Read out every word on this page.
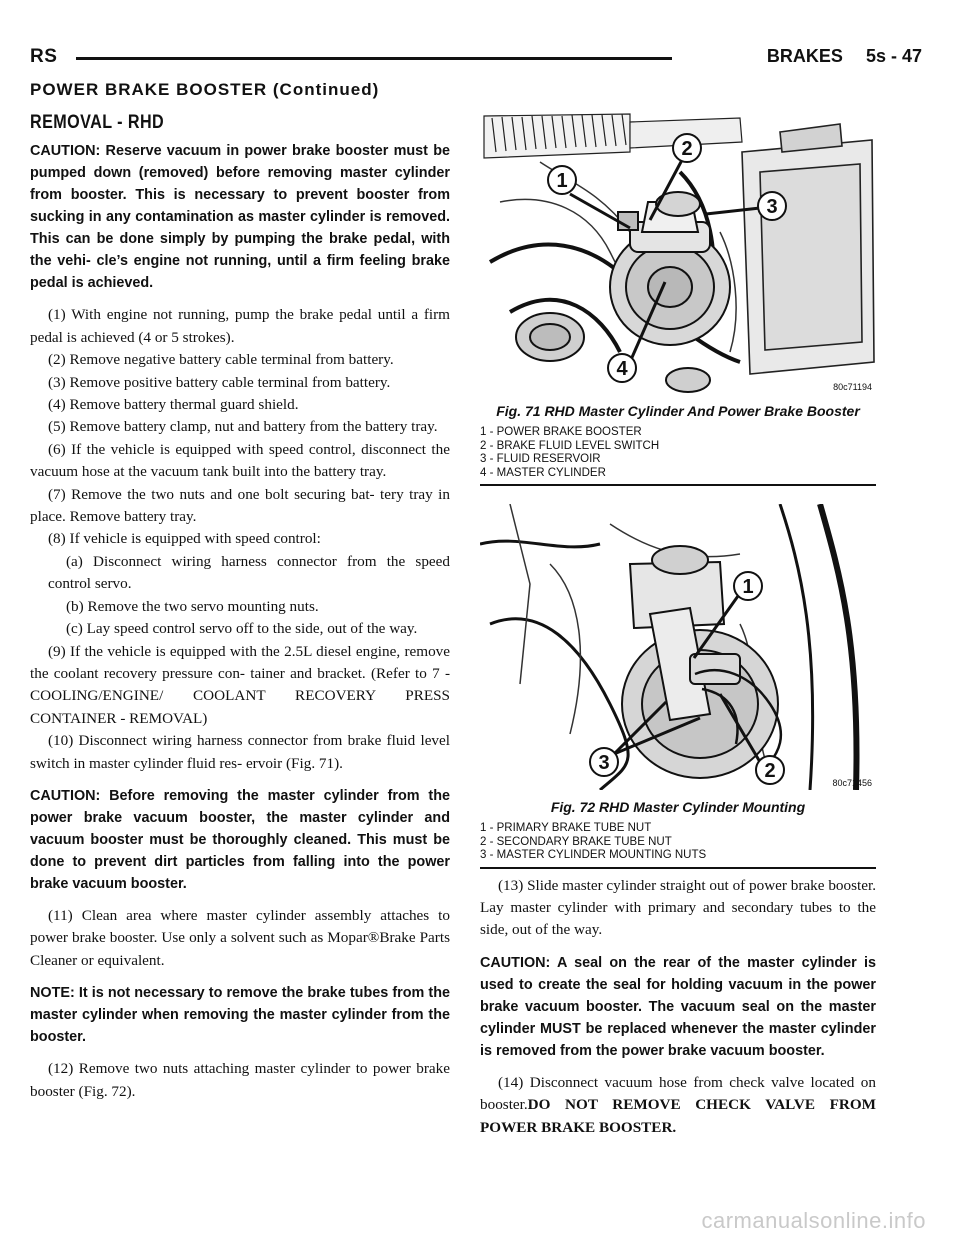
RS	BRAKES 5s - 47
POWER BRAKE BOOSTER (Continued)
REMOVAL - RHD

CAUTION: Reserve vacuum in power brake booster must be pumped down (removed) before removing master cylinder from booster. This is necessary to prevent booster from sucking in any contamination as master cylinder is removed. This can be done simply by pumping the brake pedal, with the vehi- cle’s engine not running, until a firm feeling brake pedal is achieved.

(1) With engine not running, pump the brake pedal until a firm pedal is achieved (4 or 5 strokes).

(2) Remove negative battery cable terminal from battery.

(3) Remove positive battery cable terminal from battery.

(4) Remove battery thermal guard shield.

(5) Remove battery clamp, nut and battery from the battery tray.

(6) If the vehicle is equipped with speed control, disconnect the vacuum hose at the vacuum tank built into the battery tray.

(7) Remove the two nuts and one bolt securing bat- tery tray in place. Remove battery tray.

(8) If vehicle is equipped with speed control:

(a) Disconnect wiring harness connector from the speed control servo.

(b) Remove the two servo mounting nuts.

(c) Lay speed control servo off to the side, out of the way.

(9) If the vehicle is equipped with the 2.5L diesel engine, remove the coolant recovery pressure con- tainer and bracket. (Refer to 7 - COOLING/ENGINE/ COOLANT RECOVERY PRESS CONTAINER - REMOVAL)

(10) Disconnect wiring harness connector from brake fluid level switch in master cylinder fluid res- ervoir (Fig. 71).

CAUTION: Before removing the master cylinder from the power brake vacuum booster, the master cylinder and vacuum booster must be thoroughly cleaned. This must be done to prevent dirt particles from falling into the power brake vacuum booster.

(11) Clean area where master cylinder assembly attaches to power brake booster. Use only a solvent such as Mopar®Brake Parts Cleaner or equivalent.

NOTE: It is not necessary to remove the brake tubes from the master cylinder when removing the master cylinder from the booster.

(12) Remove two nuts attaching master cylinder to power brake booster (Fig. 72).

1
2
3
4
80c71194
Fig. 71 RHD Master Cylinder And Power Brake Booster

1 - POWER BRAKE BOOSTER

2 - BRAKE FLUID LEVEL SWITCH

3 - FLUID RESERVOIR

4 - MASTER CYLINDER

1
2
3
80c71456
Fig. 72 RHD Master Cylinder Mounting

1 - PRIMARY BRAKE TUBE NUT

2 - SECONDARY BRAKE TUBE NUT

3 - MASTER CYLINDER MOUNTING NUTS

(13) Slide master cylinder straight out of power brake booster. Lay master cylinder with primary and secondary tubes to the side, out of the way.

CAUTION: A seal on the rear of the master cylinder is used to create the seal for holding vacuum in the power brake vacuum booster. The vacuum seal on the master cylinder MUST be replaced whenever the master cylinder is removed from the power brake vacuum booster.

(14) Disconnect vacuum hose from check valve located on booster.DO NOT REMOVE CHECK VALVE FROM POWER BRAKE BOOSTER.

carmanualsonline.info
